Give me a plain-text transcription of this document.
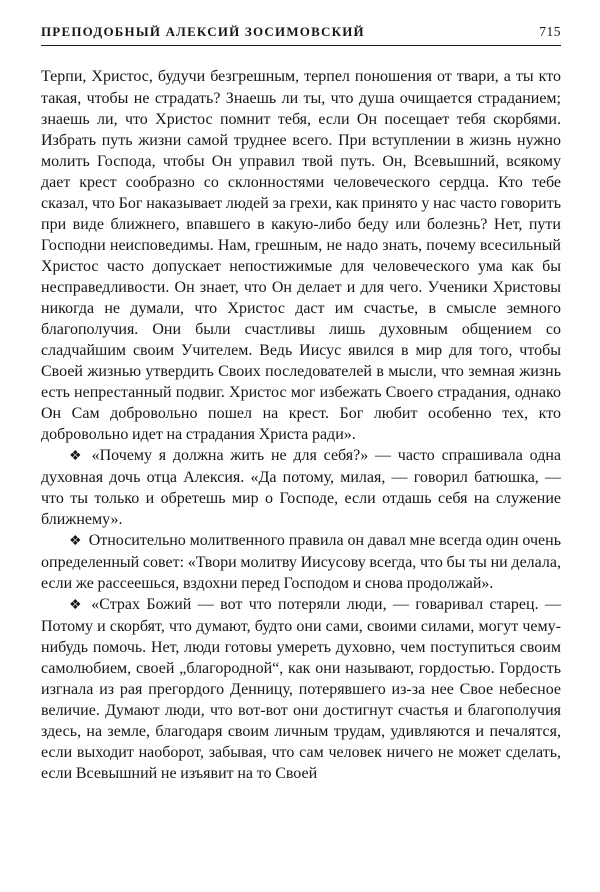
ПРЕПОДОБНЫЙ АЛЕКСИЙ ЗОСИМОВСКИЙ	715

Терпи, Христос, будучи безгрешным, терпел поношения от твари, а ты кто такая, чтобы не страдать? Знаешь ли ты, что душа очищается страданием; знаешь ли, что Христос помнит тебя, если Он посещает тебя скорбями. Избрать путь жизни самой труднее всего. При вступлении в жизнь нужно молить Господа, чтобы Он управил твой путь. Он, Всевышний, всякому дает крест сообразно со склонностями человеческого сердца. Кто тебе сказал, что Бог наказывает людей за грехи, как принято у нас часто говорить при виде ближнего, впавшего в какую-либо беду или болезнь? Нет, пути Господни неисповедимы. Нам, грешным, не надо знать, почему всесильный Христос часто допускает непостижимые для человеческого ума как бы несправедливости. Он знает, что Он делает и для чего. Ученики Христовы никогда не думали, что Христос даст им счастье, в смысле земного благополучия. Они были счастливы лишь духовным общением со сладчайшим своим Учителем. Ведь Иисус явился в мир для того, чтобы Своей жизнью утвердить Своих последователей в мысли, что земная жизнь есть непрестанный подвиг. Христос мог избежать Своего страдания, однако Он Сам добровольно пошел на крест. Бог любит особенно тех, кто добровольно идет на страдания Христа ради».

❖ «Почему я должна жить не для себя?» — часто спрашивала одна духовная дочь отца Алексия. «Да потому, милая, — говорил батюшка, — что ты только и обретешь мир о Господе, если отдашь себя на служение ближнему».

❖ Относительно молитвенного правила он давал мне всегда один очень определенный совет: «Твори молитву Иисусову всегда, что бы ты ни делала, если же рассеешься, вздохни перед Господом и снова продолжай».

❖ «Страх Божий — вот что потеряли люди, — говаривал старец. — Потому и скорбят, что думают, будто они сами, своими силами, могут чему-нибудь помочь. Нет, люди готовы умереть духовно, чем поступиться своим самолюбием, своей „благородной“, как они называют, гордостью. Гордость изгнала из рая прегордого Денницу, потерявшего из-за нее Свое небесное величие. Думают люди, что вот-вот они достигнут счастья и благополучия здесь, на земле, благодаря своим личным трудам, удивляются и печалятся, если выходит наоборот, забывая, что сам человек ничего не может сделать, если Всевышний не изъявит на то Своей
